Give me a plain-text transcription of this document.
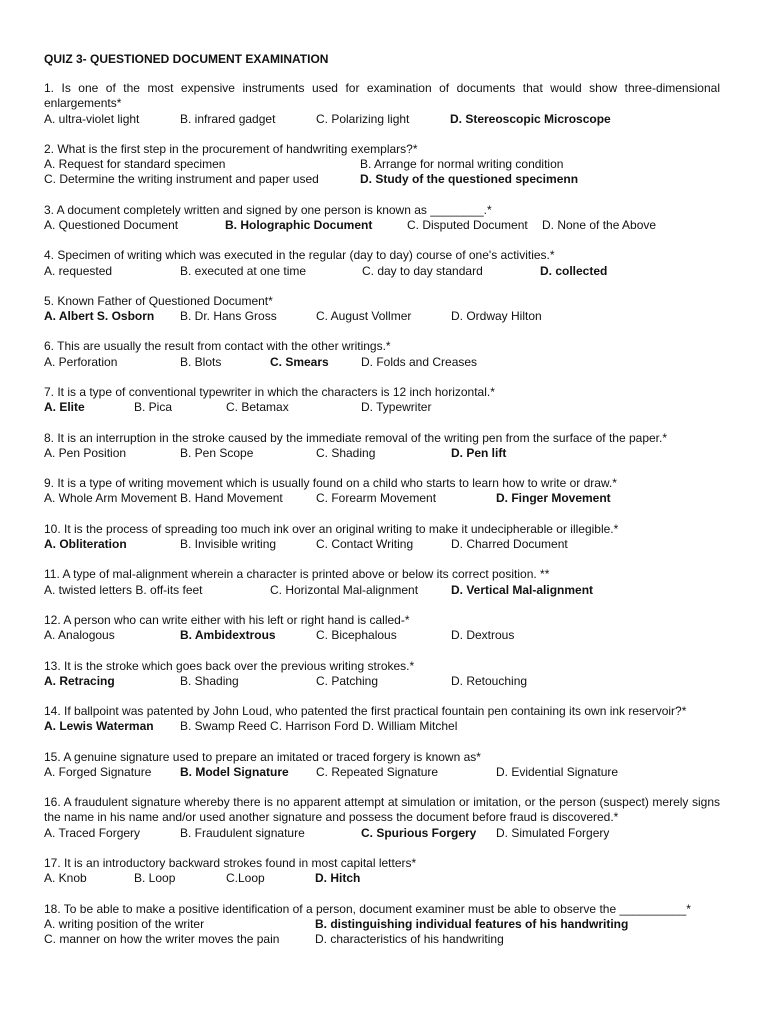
QUIZ 3- QUESTIONED DOCUMENT EXAMINATION
1. Is one of the most expensive instruments used for examination of documents that would show three-dimensional enlargements*
A. ultra-violet light	B. infrared gadget	C. Polarizing light	D. Stereoscopic Microscope
2. What is the first step in the procurement of handwriting exemplars?*
A. Request for standard specimen	B. Arrange for normal writing condition
C. Determine the writing instrument and paper used	D. Study of the questioned specimenn
3. A document completely written and signed by one person is known as ________.*
A. Questioned Document	B. Holographic Document	C. Disputed Document D. None of the Above
4. Specimen of writing which was executed in the regular (day to day) course of one's activities.*
A. requested	B. executed at one time	C. day to day standard	D. collected
5. Known Father of Questioned Document*
A. Albert S. Osborn B. Dr. Hans Gross	C. August Vollmer	D. Ordway Hilton
6. This are usually the result from contact with the other writings.*
A. Perforation	B. Blots	C. Smears	D. Folds and Creases
7. It is a type of conventional typewriter in which the characters is 12 inch horizontal.*
A. Elite	B. Pica	C. Betamax	D. Typewriter
8. It is an interruption in the stroke caused by the immediate removal of the writing pen from the surface of the paper.*
A. Pen Position	B. Pen Scope	C. Shading	D. Pen lift
9. It is a type of writing movement which is usually found on a child who starts to learn how to write or draw.*
A. Whole Arm Movement B. Hand Movement	C. Forearm Movement	D. Finger Movement
10. It is the process of spreading too much ink over an original writing to make it undecipherable or illegible.*
A. Obliteration	B. Invisible writing	C. Contact Writing	D. Charred Document
11. A type of mal-alignment wherein a character is printed above or below its correct position. **
A. twisted letters B. off-its feet	C. Horizontal Mal-alignment	D. Vertical Mal-alignment
12. A person who can write either with his left or right hand is called-*
A. Analogous	B. Ambidextrous	C. Bicephalous	D. Dextrous
13. It is the stroke which goes back over the previous writing strokes.*
A. Retracing	B. Shading	C. Patching	D. Retouching
14. If ballpoint was patented by John Loud, who patented the first practical fountain pen containing its own ink reservoir?*
A. Lewis Waterman B. Swamp Reed C. Harrison Ford D. William Mitchel
15. A genuine signature used to prepare an imitated or traced forgery is known as*
A. Forged Signature B. Model Signature C. Repeated Signature	D. Evidential Signature
16. A fraudulent signature whereby there is no apparent attempt at simulation or imitation, or the person (suspect) merely signs the name in his name and/or used another signature and possess the document before fraud is discovered.*
A. Traced Forgery	B. Fraudulent signature	C. Spurious Forgery D. Simulated Forgery
17. It is an introductory backward strokes found in most capital letters*
A. Knob	B. Loop	C.Loop	D. Hitch
18. To be able to make a positive identification of a person, document examiner must be able to observe the __________*
A. writing position of the writer	B. distinguishing individual features of his handwriting
C. manner on how the writer moves the pain	D. characteristics of his handwriting
